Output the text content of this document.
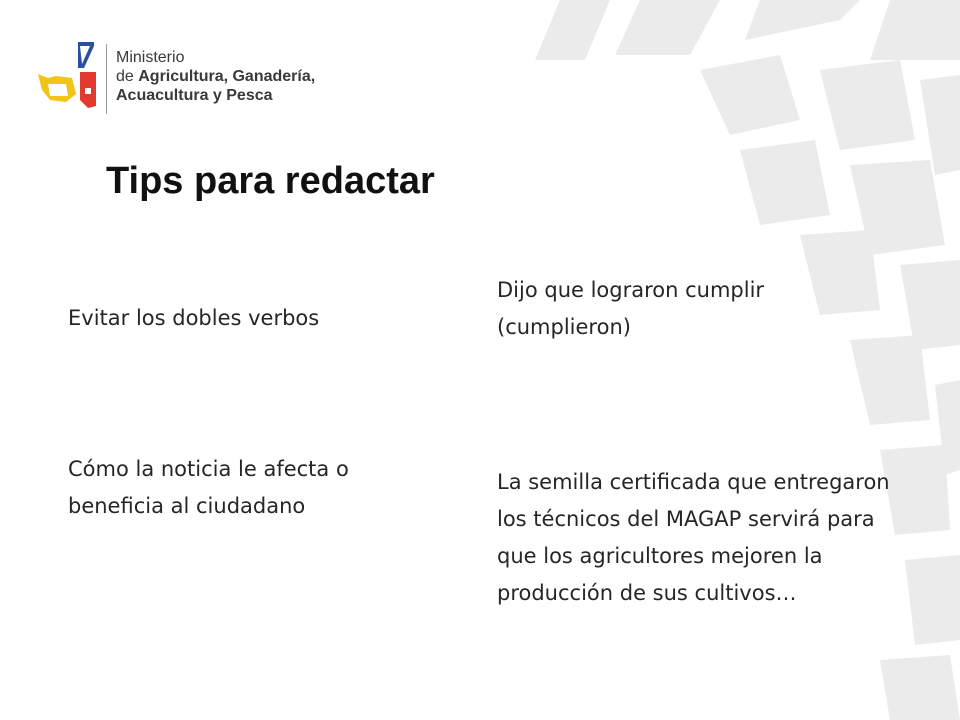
Ministerio
de Agricultura, Ganadería,
Acuacultura y Pesca
Tips para redactar
Evitar los dobles verbos
Dijo que lograron cumplir (cumplieron)
Cómo la noticia le afecta o beneficia al ciudadano
La semilla certificada que entregaron los técnicos del MAGAP servirá para que los agricultores mejoren la producción de sus cultivos…
